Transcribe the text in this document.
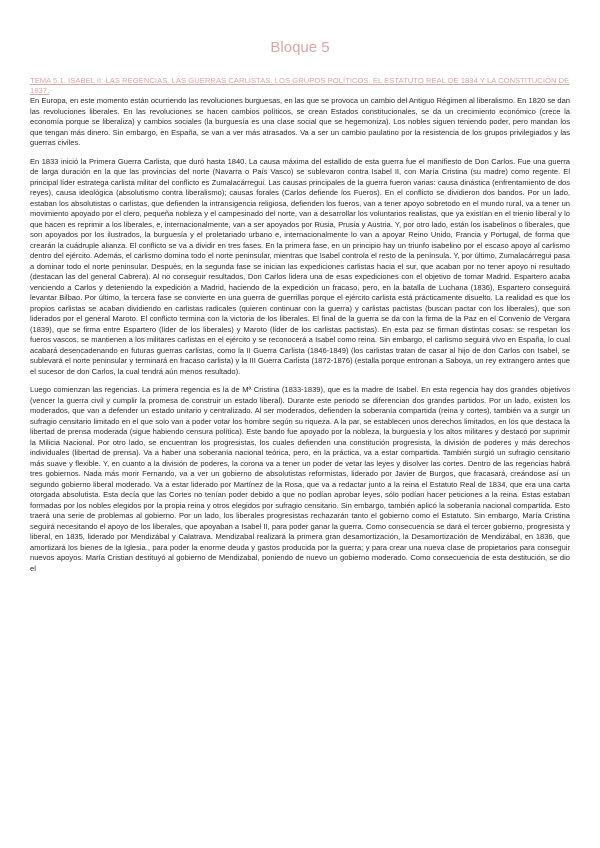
Bloque 5
TEMA 5.1. ISABEL II: LAS REGENCIAS. LAS GUERRAS CARLISTAS. LOS GRUPOS POLÍTICOS. EL ESTATUTO REAL DE 1834 Y LA CONSTITUCIÓN DE 1837.

En Europa, en este momento están ocurriendo las revoluciones burguesas, en las que se provoca un cambio del Antiguo Régimen al liberalismo. En 1820 se dan las revoluciones liberales. En las revoluciones se hacen cambios políticos, se crean Estados constitucionales, se da un crecimiento económico (crece la economía porque se liberaliza) y cambios sociales (la burguesía es una clase social que se hegemoniza). Los nobles siguen teniendo poder, pero mandan los que tengan más dinero. Sin embargo, en España, se van a ver más atrasados. Va a ser un cambio paulatino por la resistencia de los grupos privilegiados y las guerras civiles.

En 1833 inició la Primera Guerra Carlista, que duró hasta 1840. La causa máxima del estallido de esta guerra fue el manifiesto de Don Carlos. Fue una guerra de larga duración en la que las provincias del norte (Navarra o País Vasco) se sublevaron contra Isabel II, con María Cristina (su madre) como regente. El principal líder estratega carlista militar del conflicto es Zumalacárregui. Las causas principales de la guerra fueron varias: causa dinástica (enfrentamiento de dos reyes), causa ideológica (absolutismo contra liberalismo); causas forales (Carlos defiende los Fueros). En el conflicto se dividieron dos bandos. Por un lado, estaban los absolutistas o carlistas, que defienden la intransigencia religiosa, defienden los fueros, van a tener apoyo sobretodo en el mundo rural, va a tener un movimiento apoyado por el clero, pequeña nobleza y el campesinado del norte, van a desarrollar los voluntarios realistas, que ya existían en el trienio liberal y lo que hacen es reprimir a los liberales, e, internacionalmente, van a ser apoyados por Rusia, Prusia y Austria. Y, por otro lado, están los isabelinos o liberales, que son apoyados por los ilustrados, la burguesía y el proletariado urbano e, internacionalmente lo van a apoyar Reino Unido, Francia y Portugal, de forma que crearán la cuádruple alianza. El conflicto se va a dividir en tres fases. En la primera fase, en un principio hay un triunfo isabelino por el escaso apoyo al carlismo dentro del ejército. Además, el carlismo domina todo el norte peninsular, mientras que Isabel controla el resto de la península. Y, por último, Zumalacárregui pasa a dominar todo el norte peninsular. Después, en la segunda fase se inician las expediciones carlistas hacia el sur, que acaban por no tener apoyo ni resultado (destacan las del general Cabrera). Al no conseguir resultados, Don Carlos lidera una de esas expediciones con el objetivo de tomar Madrid. Espartero acaba venciendo a Carlos y deteniendo la expedición a Madrid, haciendo de la expedición un fracaso, pero, en la batalla de Luchana (1836), Espartero conseguirá levantar Bilbao. Por último, la tercera fase se convierte en una guerra de guerrillas porque el ejército carlista está prácticamente disuelto. La realidad es que los propios carlistas se acaban dividiendo en carlistas radicales (quieren continuar con la guerra) y carlistas pactistas (buscan pactar con los liberales), que son liderados por el general Maroto. El conflicto termina con la victoria de los liberales. El final de la guerra se da con la firma de la Paz en el Convenio de Vergara (1839), que se firma entre Espartero (líder de los liberales) y Maroto (líder de los carlistas pactistas). En esta paz se firman distintas cosas: se respetan los fueros vascos, se mantienen a los militares carlistas en el ejército y se reconocerá a Isabel como reina. Sin embargo, el carlismo seguirá vivo en España, lo cual acabará desencadenando en futuras guerras carlistas, como la II Guerra Carlista (1846-1849) (los carlistas tratan de casar al hijo de don Carlos con Isabel, se sublevará el norte peninsular y terminará en fracaso carlista) y la III Guerra Carlista (1872-1876) (estalla porque entronan a Saboya, un rey extrangero antes que el sucesor de don Carlos, la cual tendrá aún menos resultado).

Luego comienzan las regencias. La primera regencia es la de Mª Cristina (1833-1839), que es la madre de Isabel. En esta regencia hay dos grandes objetivos (vencer la guerra civil y cumplir la promesa de construir un estado liberal). Durante este periodo se diferencian dos grandes partidos. Por un lado, existen los moderados, que van a defender un estado unitario y centralizado. Al ser moderados, defienden la soberanía compartida (reina y cortes), también va a surgir un sufragio censitario limitado en el que solo van a poder votar los hombre según su riqueza. A la par, se establecen unos derechos limitados, en los que destaca la libertad de prensa moderada (sigue habiendo censura política). Este bando fue apoyado por la nobleza, la burguesía y los altos militares y destacó por suprimir la Milicia Nacional. Por otro lado, se encuentran los progresistas, los cuales defienden una constitución progresista, la división de poderes y más derechos individuales (libertad de prensa). Va a haber una soberanía nacional teórica, pero, en la práctica, va a estar compartida. También surgió un sufragio censitario más suave y flexible. Y, en cuanto a la división de poderes, la corona va a tener un poder de vetar las leyes y disolver las cortes. Dentro de las regencias habrá tres gobiernos. Nada más morir Fernando, va a ver un gobierno de absolutistas reformistas, liderado por Javier de Burgos, que fracasará, creándose así un segundo gobierno liberal moderado. Va a estar liderado por Martínez de la Rosa, que va a redactar junto a la reina el Estatuto Real de 1834, que era una carta otorgada absolutista. Esta decía que las Cortes no tenían poder debido a que no podían aprobar leyes, sólo podían hacer peticiones a la reina. Estas estaban formadas por los nobles elegidos por la propia reina y otros elegidos por sufragio censitario. Sin embargo, también aplicó la soberanía nacional compartida. Esto traerá una serie de problemas al gobierno. Por un lado, los liberales progresistas rechazarán tanto el gobierno como el Estatuto. Sin embargo, María Cristina seguirá necesitando el apoyo de los liberales, que apoyaban a Isabel II, para poder ganar la guerra. Como consecuencia se dará el tercer gobierno, progresista y liberal, en 1835, liderado por Mendizábal y Calatrava. Mendizabal realizará la primera gran desamortización, la Desamortización de Mendizábal, en 1836, que amortizará los bienes de la Iglesia., para poder la enorme deuda y gastos producida por la guerra; y para crear una nueva clase de propietarios para conseguir nuevos apoyos. María Cristian destituyó al gobierno de Mendizabal, poniendo de nuevo un gobierno moderado. Como consecuencia de esta destitución, se dio el
